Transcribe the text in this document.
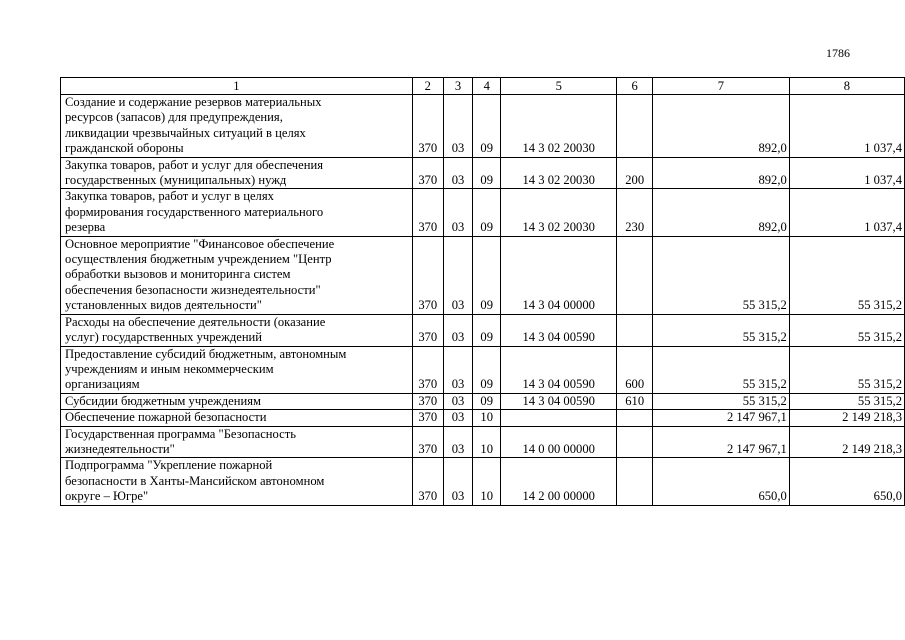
1786
1	2	3	4	5	6	7	8

Создание и содержание резервов материальных
ресурсов (запасов) для предупреждения,
ликвидации чрезвычайных ситуаций в целях
гражданской обороны	370	03	09	14 3 02 20030		892,0	1 037,4

Закупка товаров, работ и услуг для обеспечения
государственных (муниципальных) нужд	370	03	09	14 3 02 20030	200	892,0	1 037,4

Закупка товаров, работ и услуг в целях
формирования государственного материального
резерва	370	03	09	14 3 02 20030	230	892,0	1 037,4

Основное мероприятие "Финансовое обеспечение
осуществления бюджетным учреждением "Центр
обработки вызовов и мониторинга систем
обеспечения безопасности жизнедеятельности"
установленных видов деятельности"	370	03	09	14 3 04 00000		55 315,2	55 315,2

Расходы на обеспечение деятельности (оказание
услуг) государственных учреждений	370	03	09	14 3 04 00590		55 315,2	55 315,2

Предоставление субсидий бюджетным, автономным
учреждениям и иным некоммерческим
организациям	370	03	09	14 3 04 00590	600	55 315,2	55 315,2

Субсидии бюджетным учреждениям	370	03	09	14 3 04 00590	610	55 315,2	55 315,2

Обеспечение пожарной безопасности	370	03	10			2 147 967,1	2 149 218,3

Государственная программа "Безопасность
жизнедеятельности"	370	03	10	14 0 00 00000		2 147 967,1	2 149 218,3

Подпрограмма "Укрепление пожарной
безопасности в Ханты-Мансийском автономном
округе – Югре"	370	03	10	14 2 00 00000		650,0	650,0
